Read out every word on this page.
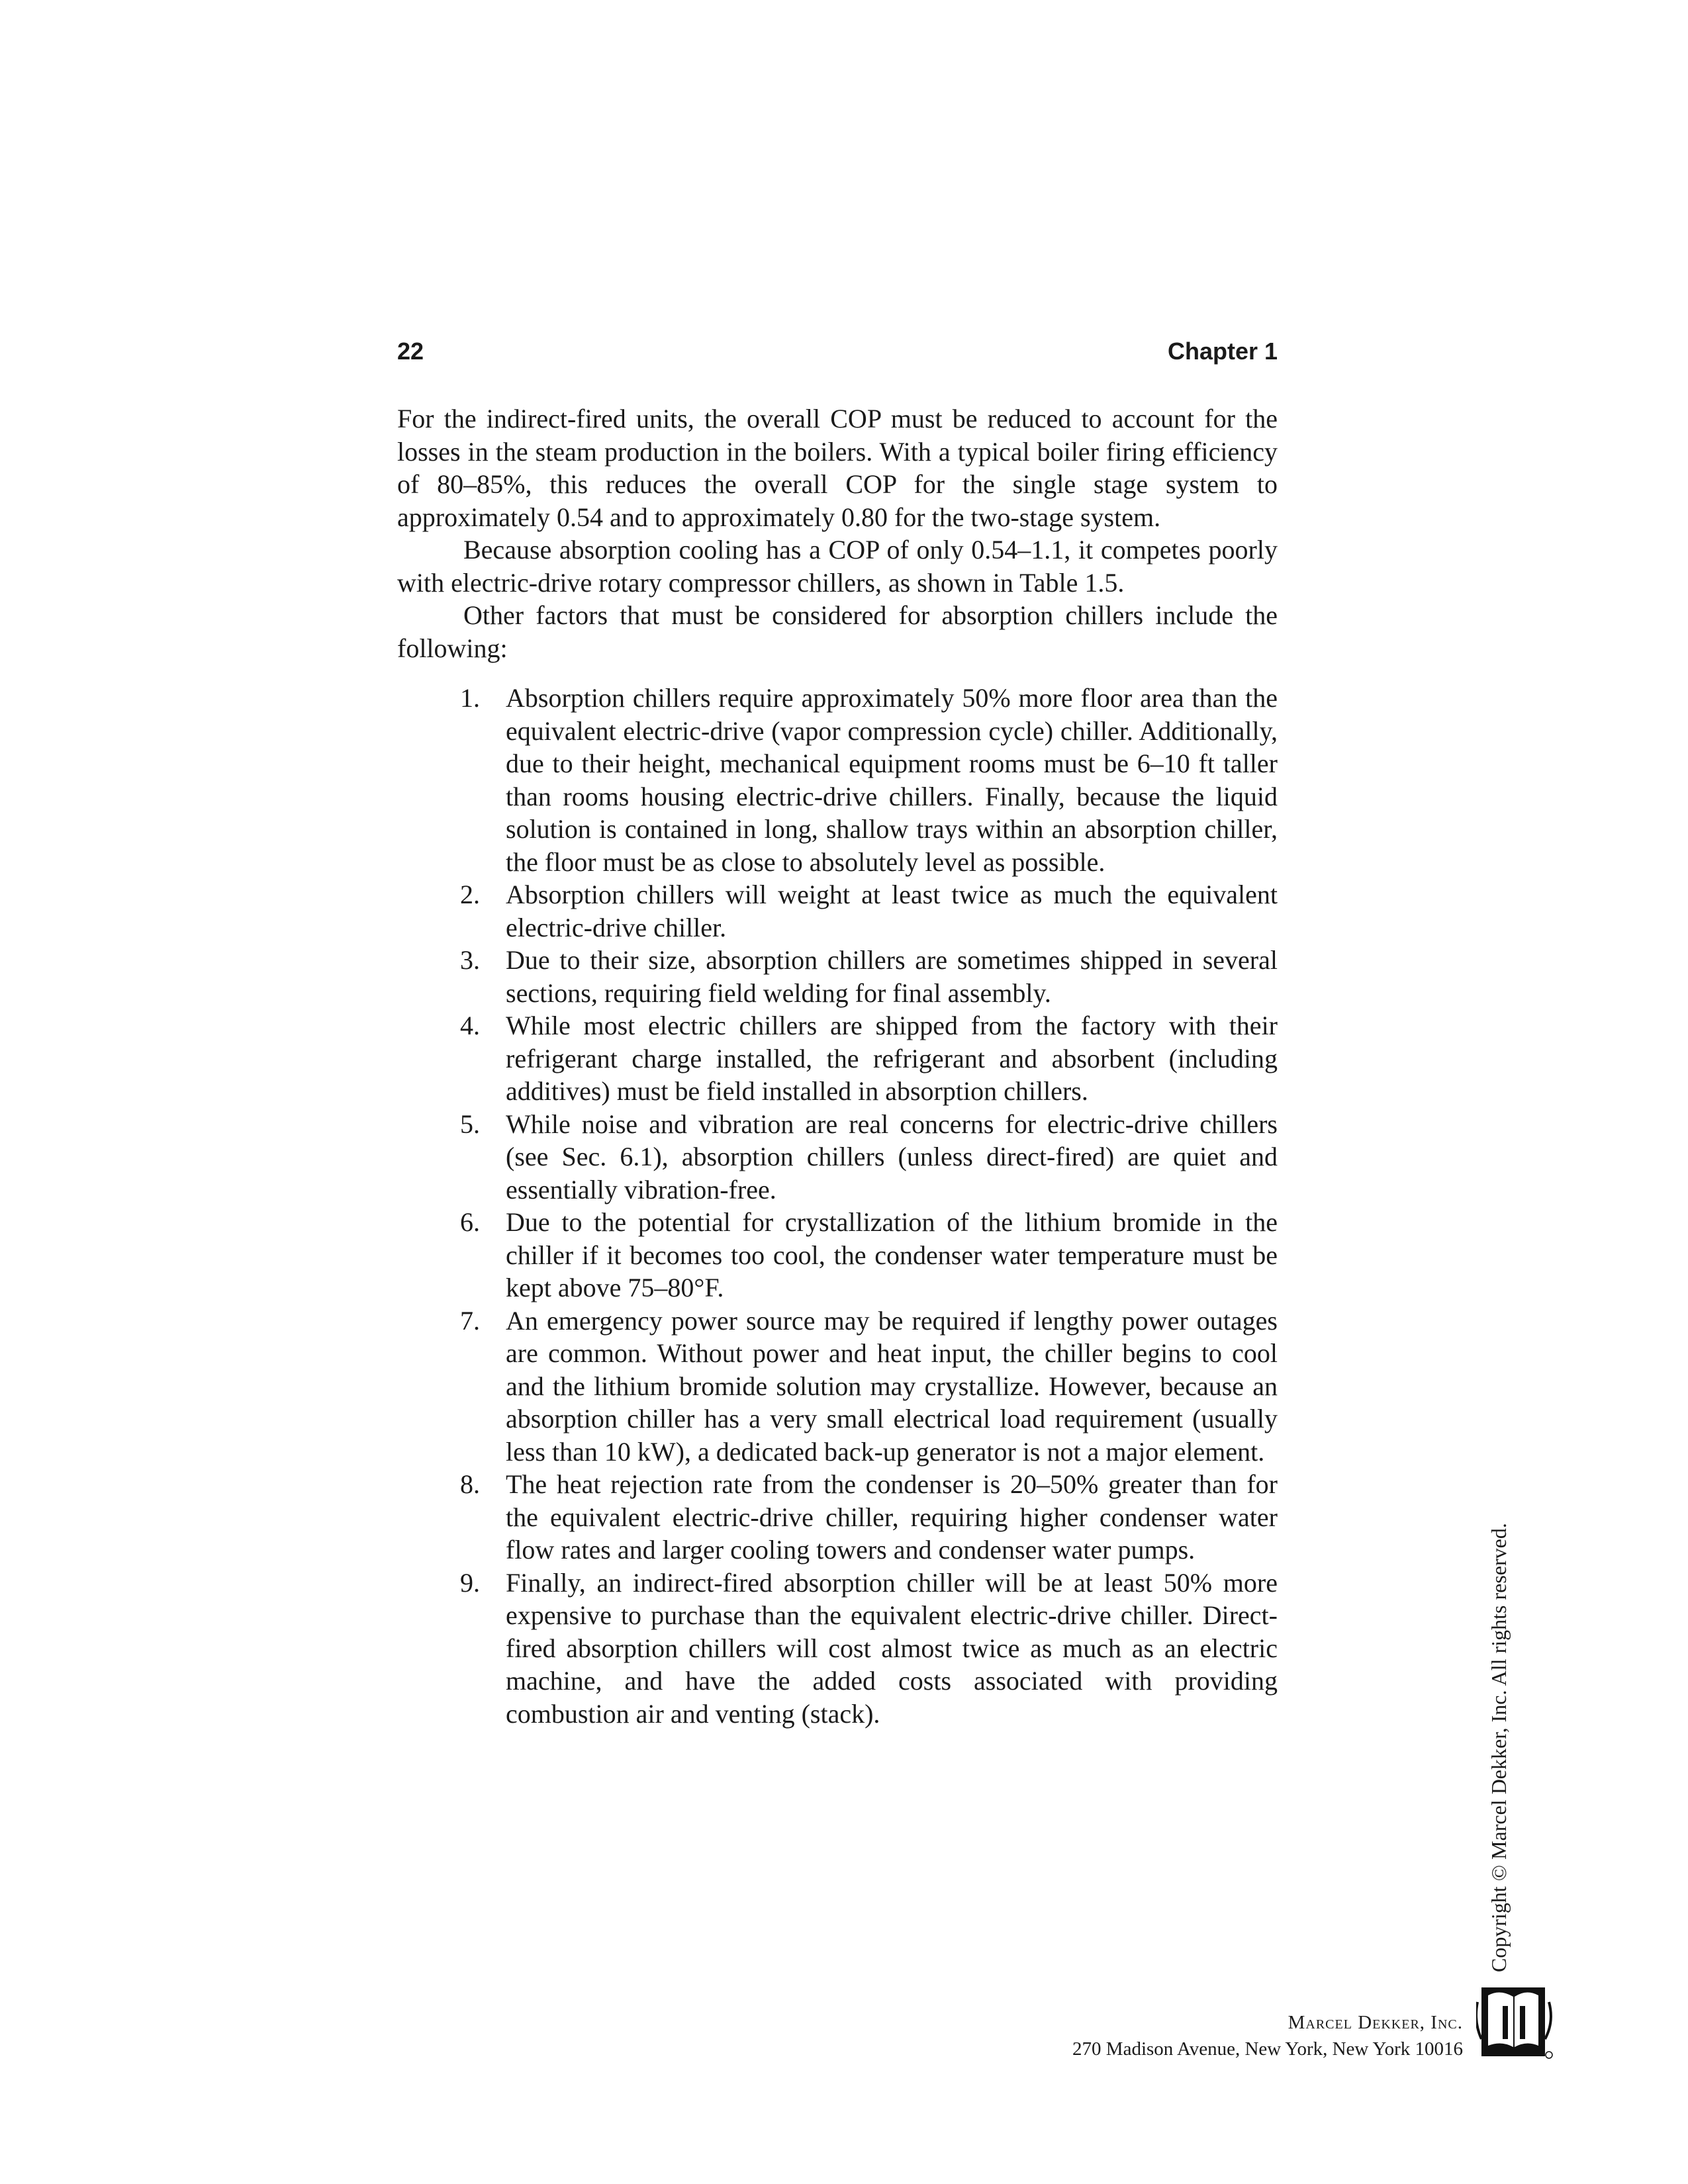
22	Chapter 1

For the indirect-fired units, the overall COP must be reduced to account for the losses in the steam production in the boilers. With a typical boiler firing efficiency of 80–85%, this reduces the overall COP for the single stage system to approximately 0.54 and to approximately 0.80 for the two-stage system.

Because absorption cooling has a COP of only 0.54–1.1, it competes poorly with electric-drive rotary compressor chillers, as shown in Table 1.5.

Other factors that must be considered for absorption chillers include the following:

1. Absorption chillers require approximately 50% more floor area than the equivalent electric-drive (vapor compression cycle) chiller. Additionally, due to their height, mechanical equipment rooms must be 6–10 ft taller than rooms housing electric-drive chillers. Finally, because the liquid solution is contained in long, shallow trays within an absorption chiller, the floor must be as close to absolutely level as possible.
2. Absorption chillers will weight at least twice as much the equivalent electric-drive chiller.
3. Due to their size, absorption chillers are sometimes shipped in several sections, requiring field welding for final assembly.
4. While most electric chillers are shipped from the factory with their refrigerant charge installed, the refrigerant and absorbent (including additives) must be field installed in absorption chillers.
5. While noise and vibration are real concerns for electric-drive chillers (see Sec. 6.1), absorption chillers (unless direct-fired) are quiet and essentially vibration-free.
6. Due to the potential for crystallization of the lithium bromide in the chiller if it becomes too cool, the condenser water temperature must be kept above 75–80°F.
7. An emergency power source may be required if lengthy power outages are common. Without power and heat input, the chiller begins to cool and the lithium bromide solution may crystallize. However, because an absorption chiller has a very small electrical load requirement (usually less than 10 kW), a dedicated back-up generator is not a major element.
8. The heat rejection rate from the condenser is 20–50% greater than for the equivalent electric-drive chiller, requiring higher condenser water flow rates and larger cooling towers and condenser water pumps.
9. Finally, an indirect-fired absorption chiller will be at least 50% more expensive to purchase than the equivalent electric-drive chiller. Direct-fired absorption chillers will cost almost twice as much as an electric machine, and have the added costs associated with providing combustion air and venting (stack).	Copyright © Marcel Dekker, Inc. All rights reserved.
Marcel Dekker, Inc.
270 Madison Avenue, New York, New York 10016
